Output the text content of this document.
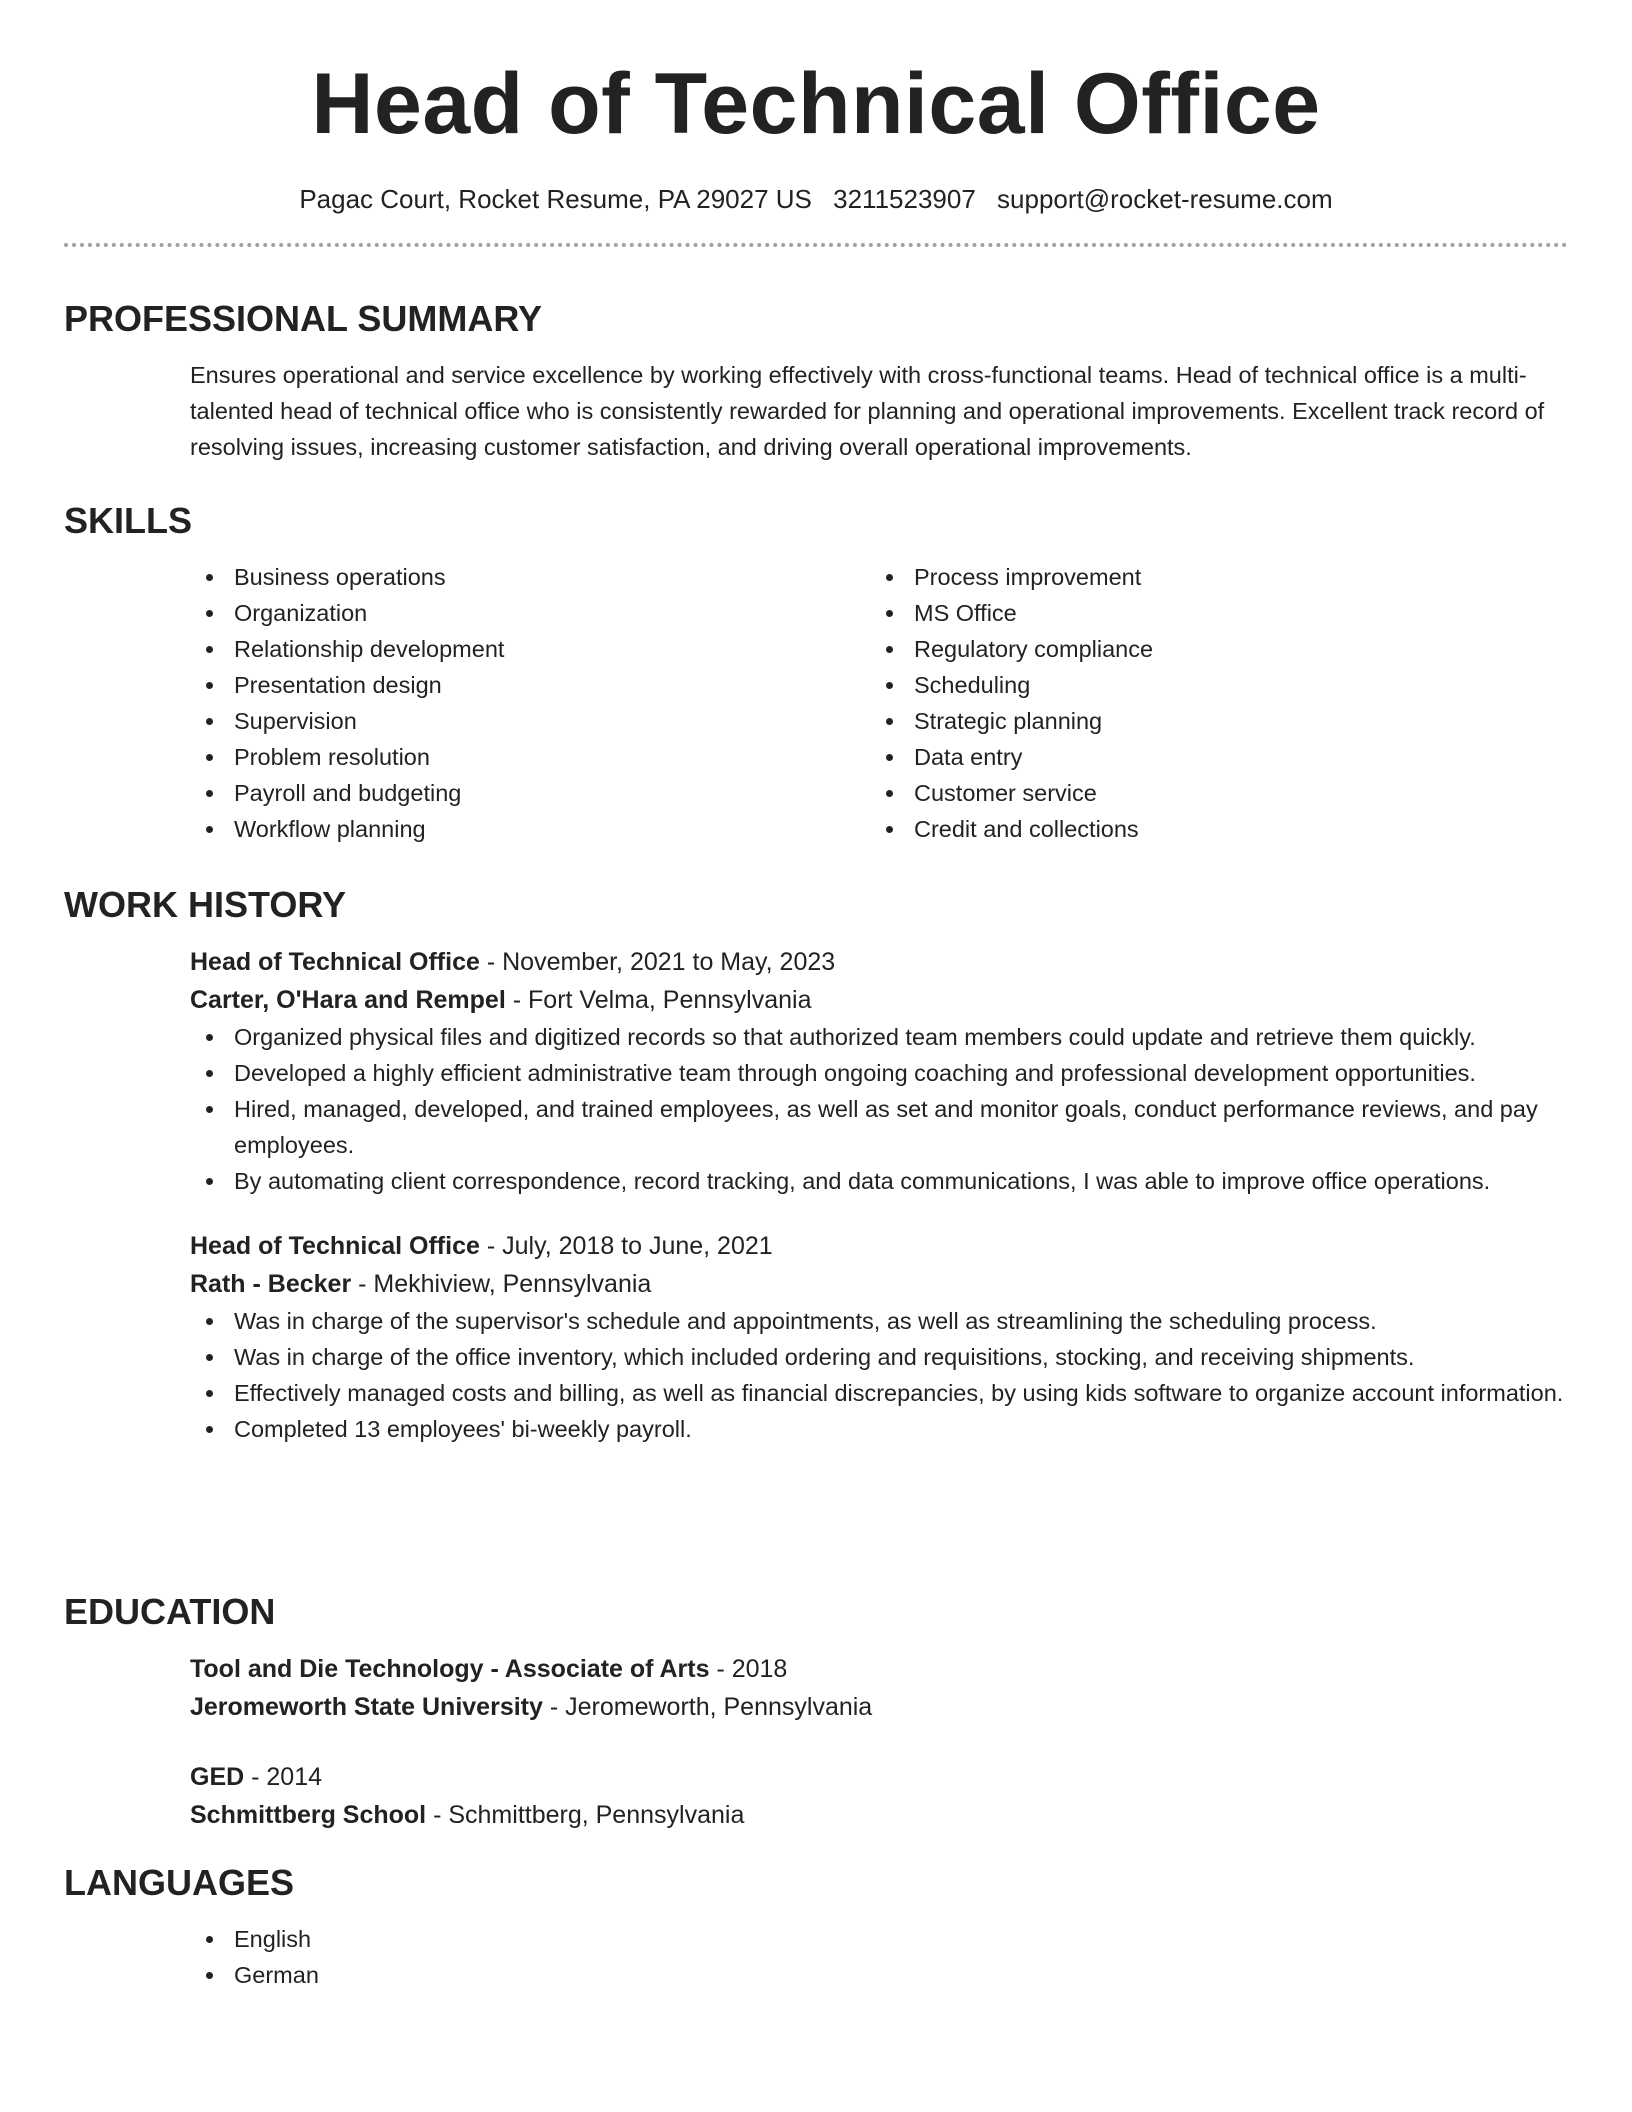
Head of Technical Office
Pagac Court, Rocket Resume, PA 29027 US 3211523907 support@rocket-resume.com
PROFESSIONAL SUMMARY

Ensures operational and service excellence by working effectively with cross-functional teams. Head of technical office is a multi-talented head of technical office who is consistently rewarded for planning and operational improvements. Excellent track record of resolving issues, increasing customer satisfaction, and driving overall operational improvements.

SKILLS
Business operations
Organization
Relationship development
Presentation design
Supervision
Problem resolution
Payroll and budgeting
Workflow planning
Process improvement
MS Office
Regulatory compliance
Scheduling
Strategic planning
Data entry
Customer service
Credit and collections
WORK HISTORY

Head of Technical Office - November, 2021 to May, 2023

Carter, O'Hara and Rempel - Fort Velma, Pennsylvania

Organized physical files and digitized records so that authorized team members could update and retrieve them quickly.
Developed a highly efficient administrative team through ongoing coaching and professional development opportunities.
Hired, managed, developed, and trained employees, as well as set and monitor goals, conduct performance reviews, and pay employees.
By automating client correspondence, record tracking, and data communications, I was able to improve office operations.

Head of Technical Office - July, 2018 to June, 2021

Rath - Becker - Mekhiview, Pennsylvania

Was in charge of the supervisor's schedule and appointments, as well as streamlining the scheduling process.
Was in charge of the office inventory, which included ordering and requisitions, stocking, and receiving shipments.
Effectively managed costs and billing, as well as financial discrepancies, by using kids software to organize account information.
Completed 13 employees' bi-weekly payroll.
EDUCATION

Tool and Die Technology - Associate of Arts - 2018

Jeromeworth State University - Jeromeworth, Pennsylvania

GED - 2014

Schmittberg School - Schmittberg, Pennsylvania

LANGUAGES
English
German
